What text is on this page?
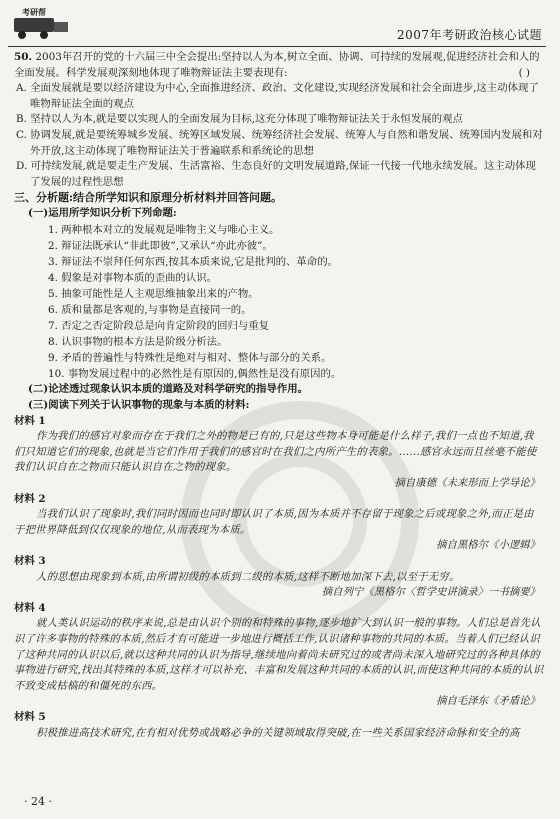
考研帮
2007年考研政治核心试题

50. 2003年召开的党的十六届三中全会提出:坚持以人为本,树立全面、协调、可持续的发展观,促进经济社会和人的全面发展。科学发展观深刻地体现了唯物辩证法主要表现有:	( )

A. 全面发展就是要以经济建设为中心,全面推进经济、政治、文化建设,实现经济发展和社会全面进步,这主动体现了唯物辩证法全面的观点

B. 坚持以人为本,就是要以实现人的全面发展为目标,这充分体现了唯物辩证法关于永恒发展的观点

C. 协调发展,就是要统筹城乡发展、统筹区域发展、统筹经济社会发展、统筹人与自然和谐发展、统筹国内发展和对外开放,这主动体现了唯物辩证法关于普遍联系和系统论的思想

D. 可持续发展,就是要走生产发展、生活富裕、生态良好的文明发展道路,保证一代接一代地永续发展。这主动体现了发展的过程性思想

三、分析题:结合所学知识和原理分析材料并回答问题。

(一)运用所学知识分析下列命题:

1. 两种根本对立的发展观是唯物主义与唯心主义。

2. 辩证法既承认“非此即彼”,又承认“亦此亦彼”。

3. 辩证法不崇拜任何东西,按其本质来说,它是批判的、革命的。

4. 假象是对事物本质的歪曲的认识。

5. 抽象可能性是人主观思维抽象出来的产物。

6. 质和量都是客观的,与事物是直接同一的。

7. 否定之否定阶段总是向肯定阶段的回归与重复

8. 认识事物的根本方法是阶级分析法。

9. 矛盾的普遍性与特殊性是绝对与相对、整体与部分的关系。

10. 事物发展过程中的必然性是有原因的,偶然性是没有原因的。

(二)论述透过现象认识本质的道路及对科学研究的指导作用。

(三)阅读下列关于认识事物的现象与本质的材料:

材料 1

作为我们的感官对象而存在于我们之外的物是已有的,只是这些物本身可能是什么样子,我们一点也不知道,我们只知道它们的现象,也就是当它们作用于我们的感官时在我们之内所产生的表象。……感官永远而且丝毫不能使我们认识自在之物而只能认识自在之物的现象。

摘自康德《未来形而上学导论》

材料 2

当我们认识了现象时,我们同时因而也同时即认识了本质,因为本质并不存留于现象之后或现象之外,而正是由于把世界降低到仅仅现象的地位,从而表现为本质。

摘自黑格尔《小逻辑》

材料 3

人的思想由现象到本质,由所谓初级的本质到二级的本质,这样不断地加深下去,以至于无穷。

摘自列宁《黑格尔〈哲学史讲演录〉一书摘要》

材料 4

就人类认识运动的秩序来说,总是由认识个别的和特殊的事物,逐步地扩大到认识一般的事物。人们总是首先认识了许多事物的特殊的本质,然后才有可能进一步地进行概括工作,认识诸种事物的共同的本质。当着人们已经认识了这种共同的认识以后,就以这种共同的认识为指导,继续地向着尚未研究过的或者尚未深入地研究过的各种具体的事物进行研究,找出其特殊的本质,这样才可以补充、丰富和发展这种共同的本质的认识,而使这种共同的本质的认识不致变成枯槁的和僵死的东西。

摘自毛泽东《矛盾论》

材料 5

积极推进高技术研究,在有相对优势或战略必争的关键领域取得突破,在一些关系国家经济命脉和安全的高

· 24 ·
